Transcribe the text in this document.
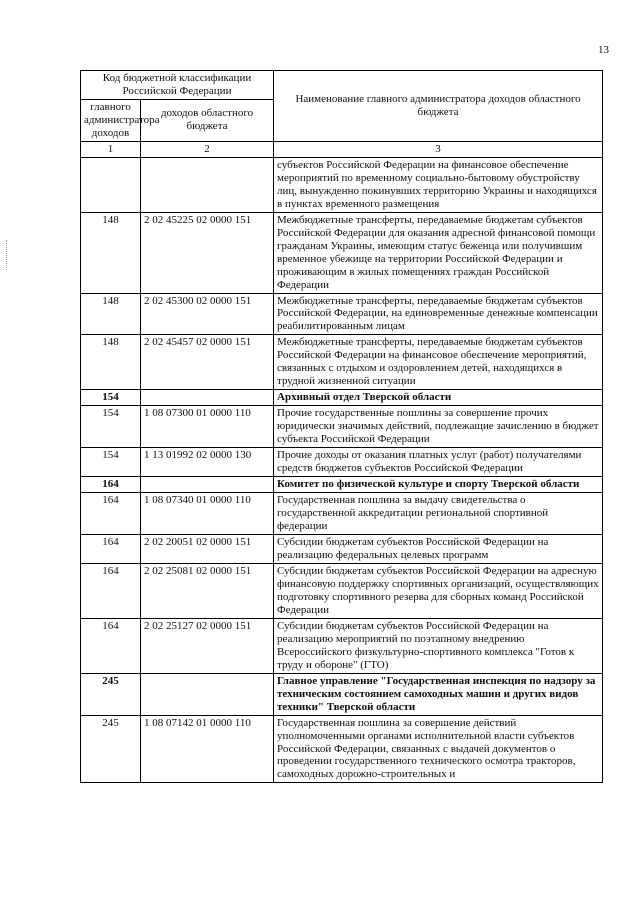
13
Код бюджетной классификации Российской Федерации		Наименование главного администратора доходов областного бюджета
главного администратора доходов	доходов областного бюджета	
1	2	3
		субъектов Российской Федерации на финансовое обеспечение мероприятий по временному социально-бытовому обустройству лиц, вынужденно покинувших территорию Украины и находящихся в пунктах временного размещения
148	2 02 45225 02 0000 151	Межбюджетные трансферты, передаваемые бюджетам субъектов Российской Федерации для оказания адресной финансовой помощи гражданам Украины, имеющим статус беженца или получившим временное убежище на территории Российской Федерации и проживающим в жилых помещениях граждан Российской Федерации
148	2 02 45300 02 0000 151	Межбюджетные трансферты, передаваемые бюджетам субъектов Российской Федерации, на единовременные денежные компенсации реабилитированным лицам
148	2 02 45457 02 0000 151	Межбюджетные трансферты, передаваемые бюджетам субъектов Российской Федерации на финансовое обеспечение мероприятий, связанных с отдыхом и оздоровлением детей, находящихся в трудной жизненной ситуации
154		Архивный отдел Тверской области
154	1 08 07300 01 0000 110	Прочие государственные пошлины за совершение прочих юридически значимых действий, подлежащие зачислению в бюджет субъекта Российской Федерации
154	1 13 01992 02 0000 130	Прочие доходы от оказания платных услуг (работ) получателями средств бюджетов субъектов Российской Федерации
164		Комитет по физической культуре и спорту Тверской области
164	1 08 07340 01 0000 110	Государственная пошлина за выдачу свидетельства о государственной аккредитации региональной спортивной федерации
164	2 02 20051 02 0000 151	Субсидии бюджетам субъектов Российской Федерации на реализацию федеральных целевых программ
164	2 02 25081 02 0000 151	Субсидии бюджетам субъектов Российской Федерации на адресную финансовую поддержку спортивных организаций, осуществляющих подготовку спортивного резерва для сборных команд Российской Федерации
164	2 02 25127 02 0000 151	Субсидии бюджетам субъектов Российской Федерации на реализацию мероприятий по поэтапному внедрению Всероссийского физкультурно-спортивного комплекса "Готов к труду и обороне" (ГТО)
245		Главное управление "Государственная инспекция по надзору за техническим состоянием самоходных машин и других видов техники" Тверской области
245	1 08 07142 01 0000 110	Государственная пошлина за совершение действий уполномоченными органами исполнительной власти субъектов Российской Федерации, связанных с выдачей документов о проведении государственного технического осмотра тракторов, самоходных дорожно-строительных и
